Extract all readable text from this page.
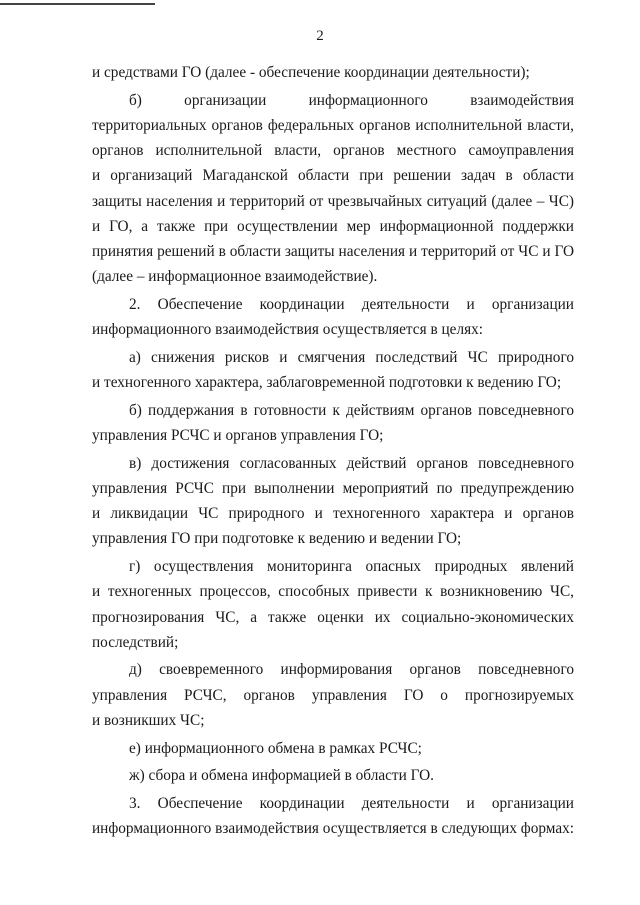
2
и средствами ГО (далее - обеспечение координации деятельности);
б) организации информационного взаимодействия
территориальных органов федеральных органов исполнительной власти,
органов исполнительной власти, органов местного самоуправления
и организаций Магаданской области при решении задач в области
защиты населения и территорий от чрезвычайных ситуаций (далее – ЧС)
и ГО, а также при осуществлении мер информационной поддержки
принятия решений в области защиты населения и территорий от ЧС и ГО
(далее – информационное взаимодействие).
2. Обеспечение координации деятельности и организации
информационного взаимодействия осуществляется в целях:
а) снижения рисков и смягчения последствий ЧС природного
и техногенного характера, заблаговременной подготовки к ведению ГО;
б) поддержания в готовности к действиям органов повседневного
управления РСЧС и органов управления ГО;
в) достижения согласованных действий органов повседневного
управления РСЧС при выполнении мероприятий по предупреждению
и ликвидации ЧС природного и техногенного характера и органов
управления ГО при подготовке к ведению и ведении ГО;
г) осуществления мониторинга опасных природных явлений
и техногенных процессов, способных привести к возникновению ЧС,
прогнозирования ЧС, а также оценки их социально-экономических
последствий;
д) своевременного информирования органов повседневного
управления РСЧС, органов управления ГО о прогнозируемых
и возникших ЧС;
е) информационного обмена в рамках РСЧС;
ж) сбора и обмена информацией в области ГО.
3. Обеспечение координации деятельности и организации
информационного взаимодействия осуществляется в следующих формах:
